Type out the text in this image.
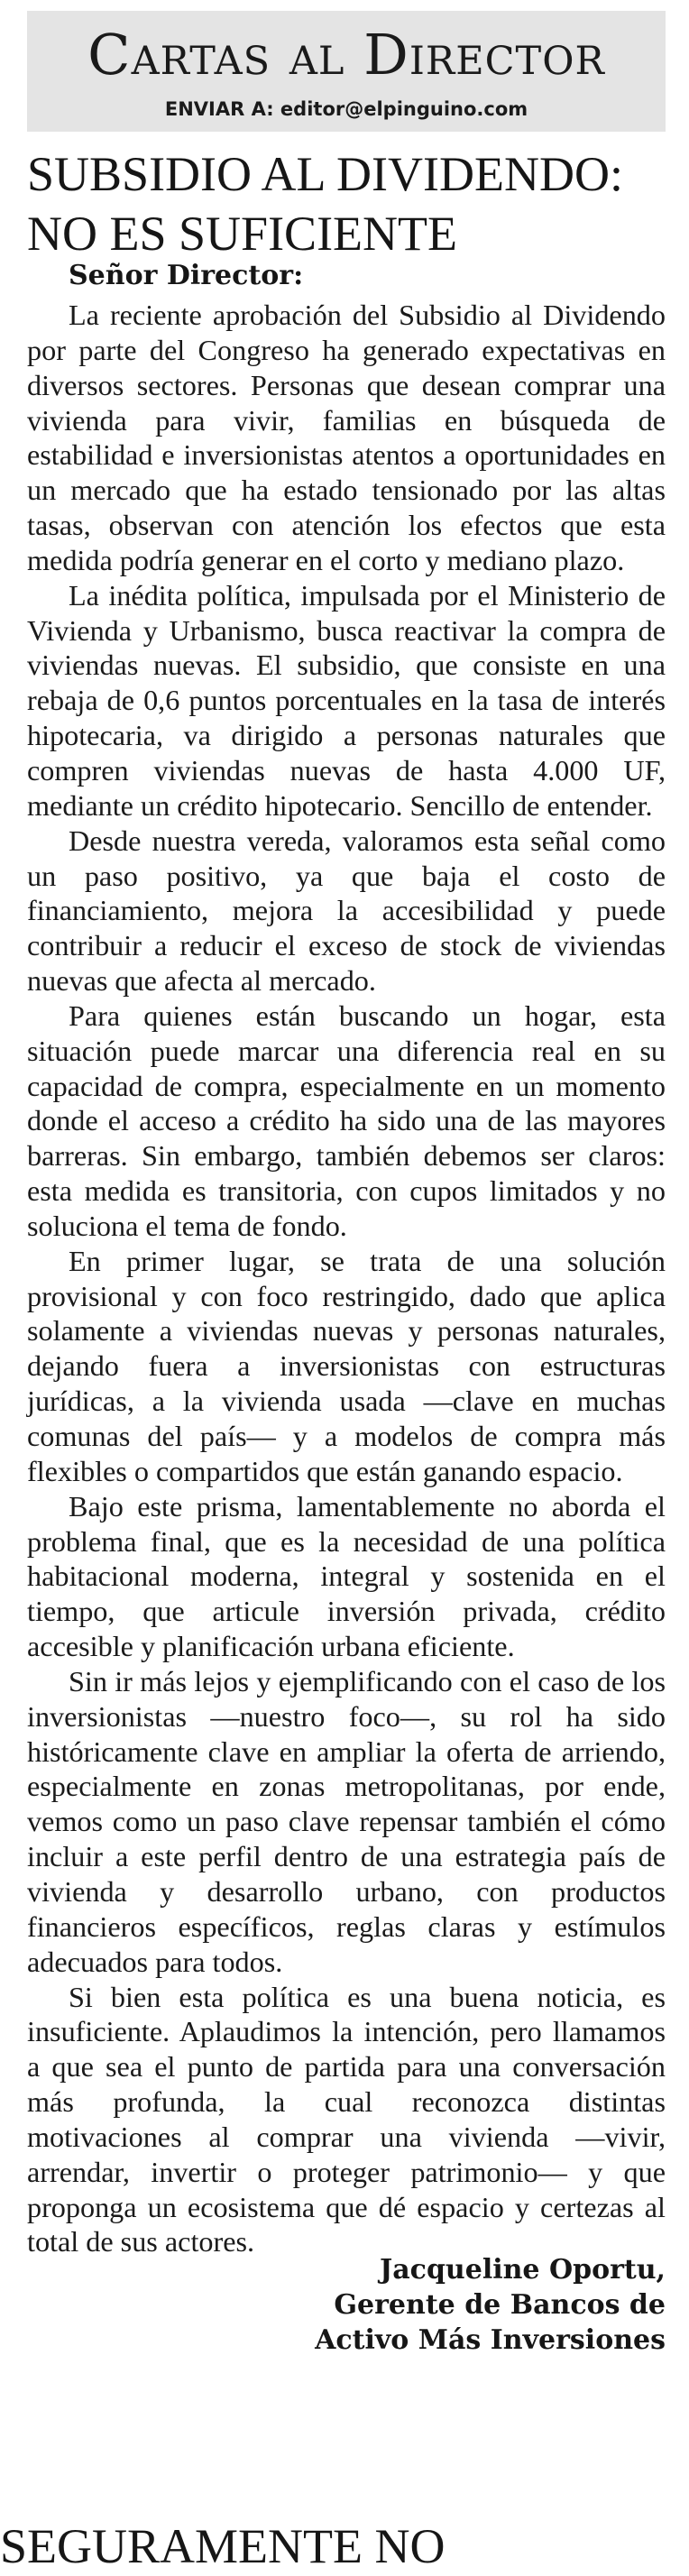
Cartas al Director
ENVIAR A: editor@elpinguino.com
SUBSIDIO AL DIVIDENDO:
NO ES SUFICIENTE
Señor Director:

La reciente aprobación del Subsidio al Dividendo por parte del Congreso ha generado expectativas en diversos sectores. Personas que desean comprar una vivienda para vivir, familias en búsqueda de estabilidad e inversionistas atentos a oportunidades en un mercado que ha estado tensionado por las altas tasas, observan con atención los efectos que esta medida podría generar en el corto y mediano plazo.

La inédita política, impulsada por el Ministerio de Vivienda y Urbanismo, busca reactivar la compra de viviendas nuevas. El subsidio, que consiste en una rebaja de 0,6 puntos porcentuales en la tasa de interés hipotecaria, va dirigido a personas naturales que compren viviendas nuevas de hasta 4.000 UF, mediante un crédito hipotecario. Sencillo de entender.

Desde nuestra vereda, valoramos esta señal como un paso positivo, ya que baja el costo de financiamiento, mejora la accesibilidad y puede contribuir a reducir el exceso de stock de viviendas nuevas que afecta al mercado.

Para quienes están buscando un hogar, esta situación puede marcar una diferencia real en su capacidad de compra, especialmente en un momento donde el acceso a crédito ha sido una de las mayores barreras. Sin embargo, también debemos ser claros: esta medida es transitoria, con cupos limitados y no soluciona el tema de fondo.

En primer lugar, se trata de una solución provisional y con foco restringido, dado que aplica solamente a viviendas nuevas y personas naturales, dejando fuera a inversionistas con estructuras jurídicas, a la vivienda usada —clave en muchas comunas del país— y a modelos de compra más flexibles o compartidos que están ganando espacio.

Bajo este prisma, lamentablemente no aborda el problema final, que es la necesidad de una política habitacional moderna, integral y sostenida en el tiempo, que articule inversión privada, crédito accesible y planificación urbana eficiente.

Sin ir más lejos y ejemplificando con el caso de los inversionistas —nuestro foco—, su rol ha sido históricamente clave en ampliar la oferta de arriendo, especialmente en zonas metropolitanas, por ende, vemos como un paso clave repensar también el cómo incluir a este perfil dentro de una estrategia país de vivienda y desarrollo urbano, con productos financieros específicos, reglas claras y estímulos adecuados para todos.

Si bien esta política es una buena noticia, es insuficiente. Aplaudimos la intención, pero llamamos a que sea el punto de partida para una conversación más profunda, la cual reconozca distintas motivaciones al comprar una vivienda —vivir, arrendar, invertir o proteger patrimonio— y que proponga un ecosistema que dé espacio y certezas al total de sus actores.

Jacqueline Oportu,
Gerente de Bancos de
Activo Más Inversiones
SEGURAMENTE NO
